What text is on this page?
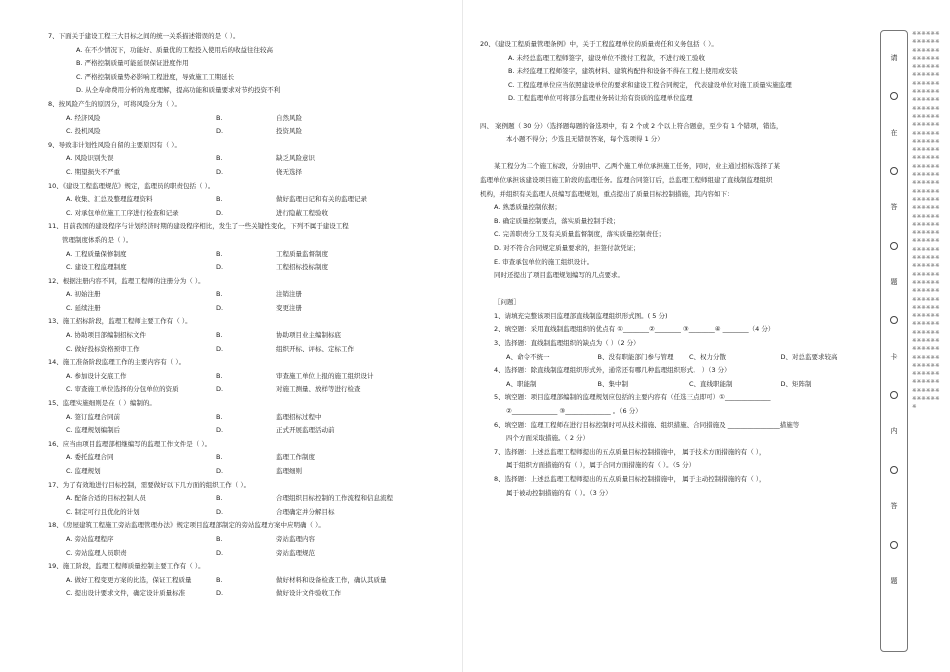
7、下面关于建设工程三大目标之间的统一关系描述错误的是（ ）。
A. 在不少情况下，功能好、质量优的工程投入使用后的收益往往较高
B. 严格控制质量可能延误保证进度作用
C. 严格控制质量势必影响工程进度，导致施工工期延长
D. 从全寿命费用分析的角度理解，提高功能和质量要求对节约投资不利
8、按风险产生的原因分，可将风险分为（ ）。
A. 经济风险	B.	自然风险
C. 投机风险	D.	投资风险
9、导致非计划性风险自留的主要原因有（ ）。
A. 风险识别失误	B.	缺乏风险意识
C. 期望损失不严重	D.	侥无选择
10、《建设工程监理规范》规定，监理员的职责包括（ ）。
A. 收集、汇总及整理监理资料	B.	做好监理日记和有关的监理记录
C. 对承包单位施工工序进行检查和记录	D.	进行隐蔽工程验收
11、目前我国的建设程序与计划经济时期的建设程序相比，发生了一些关键性变化，下列不属于建设工程
管理制度体系的是（ ）。
A. 工程质量保修制度	B.	工程质量监督制度
C. 建设工程监理制度	D.	工程招标投标制度
12、根据注册内容不同，监理工程师的注册分为（ ）。
A. 初始注册	B.	注销注册
C. 延续注册	D.	变更注册
13、施工招标阶段，监理工程师主要工作有（ ）。
A. 协助项目部编制招标文件	B.	协助项目业主编制标底
C. 做好投标资格预审工作	D.	组织开标、评标、定标工作
14、施工准备阶段监理工作的主要内容有（ ）。
A. 参加设计交底工作	B.	审查施工单位上报的施工组织设计
C. 审查施工单位选择的分包单位的资质	D.	对施工测量、放样等进行检查
15、监理实施细则是在（ ）编制的。
A. 签订监理合同前	B.	监理招标过程中
C. 监理规划编制后	D.	正式开展监理活动前
16、应当由项目监理部相继编写的监理工作文件是（ ）。
A. 委托监理合同	B.	监理工作制度
C. 监理规划	D.	监理细则
17、为了有效地进行目标控制，需要做好以下几方面的组织工作（ ）。
A. 配备合适的目标控制人员	B.	合理组织目标控制的工作流程和信息流程
C. 制定可行且优化的计划	D.	合理确定并分解目标
18、《房屋建筑工程施工旁站监理管理办法》规定项目监理部制定的旁站监理方案中应明确（ ）。
A. 旁站监理程序	B.	旁站监理内容
C. 旁站监理人员职责	D.	旁站监理规范
19、施工阶段，监理工程师质量控制主要工作有（ ）。
A. 做好工程变更方案的比选，保证工程质量	B.	做好材料和设备检查工作，确认其质量
C. 提出设计要求文件，确定设计质量标准	D.	做好设计文件验收工作
20、《建设工程质量管理条例》中，关于工程监理单位的质量责任和义务包括（ ）。
A. 未经总监理工程师签字，建设单位不拨付工程款，不进行竣工验收
B. 未经监理工程师签字，建筑材料、建筑构配件和设备不得在工程上使用或安装
C. 工程监理单位应当依照建设单位的要求和建设工程合同规定， 代表建设单位对施工质量实施监理
D. 工程监理单位可将部分监理业务转让给有资质的监理单位监理
四、 案例题（ 30 分）（选择题每题的备选项中，有 2 个或 2 个以上符合题意，至少有 1 个错项，错选，
本小题不得分；少选且无错误答案，每个选项得 1 分）
某工程分为二个施工标段，分别由甲、乙两个施工单位承担施工任务，同时，业主通过招标选择了某
监理单位承担该建设项目施工阶段的监理任务。监理合同签订后，总监理工程师组建了直线制监理组织
机构，并组织有关监理人员编写监理规划，重点提出了质量目标控制措施，其内容如下：
A. 熟悉质量控制依据；
B. 确定质量控制要点，落实质量控制手段；
C. 完善职责分工及有关质量监督制度，落实质量控制责任；
D. 对不符合合同规定质量要求的，拒签付款凭证；
E. 审查承包单位的施工组织设计。
同时还提出了项目监理规划编写的几点要求。
［问题］
1、请填充完整该项目监理部直线制监理组织形式图。( 5 分)
2、填空题：采用直线制监理组织的优点有 ①________②________ ③________④ ________（4 分）
3、选择题：直线制监理组织的缺点为（ ）（2 分）
A、命令不统一	B、没有职能部门参与管理	C、权力分散	D、对总监要求较高
4、选择题：除直线制监理组织形式外，通常还有哪几种监理组织形式． ）（3 分）
A、职能制	B、集中制	C、直线职能制	D、矩阵制
5、填空题：项目监理部编制的监理规划应包括的主要内容有（任选三点即可）①______________
②______________ ③______________ 。（6 分）
6、填空题：监理工程师在进行目标控制时可从技术措施、组织措施、合同措施及 ________________措施等
四个方面采取措施。（ 2 分）
7、选择题：上述总监理工程师提出的五点质量目标控制措施中， 属于技术方面措施的有（ ），
属于组织方面措施的有（ ），属于合同方面措施的有（ ）。（5 分）
8、选择题：上述总监理工程师提出的五点质量目标控制措施中， 属于主动控制措施的有（ ），
属于被动控制措施的有（ ）。（3 分）
请
在
答
题
卡
内
答
题
※※※※※※※※※※※※※※※※※※※※※※※※※※※※※※※※※※※※※※※※※※※※※※※※※※※※※※※※※※※※※※※※※※※※※※※※※※※※※※※※※※※※※※※※※※※※※※※※※※※※※※※※※※※※※※※※※※※※※※※※※※※※※※※※※※※※※※※※※※※※※※※※※※※※※※※※※※※※※※※※※※※※※※※※※※※※※※※※※※※※※※※※※※※※※※※※※※※※※※※※※※※※※※※※※※※※※※※※※※※※※※※※※※※※※※※※※※※※※※※※※※※※※※※※※※※※※※※※※※※※※※※※※※※※※※※
